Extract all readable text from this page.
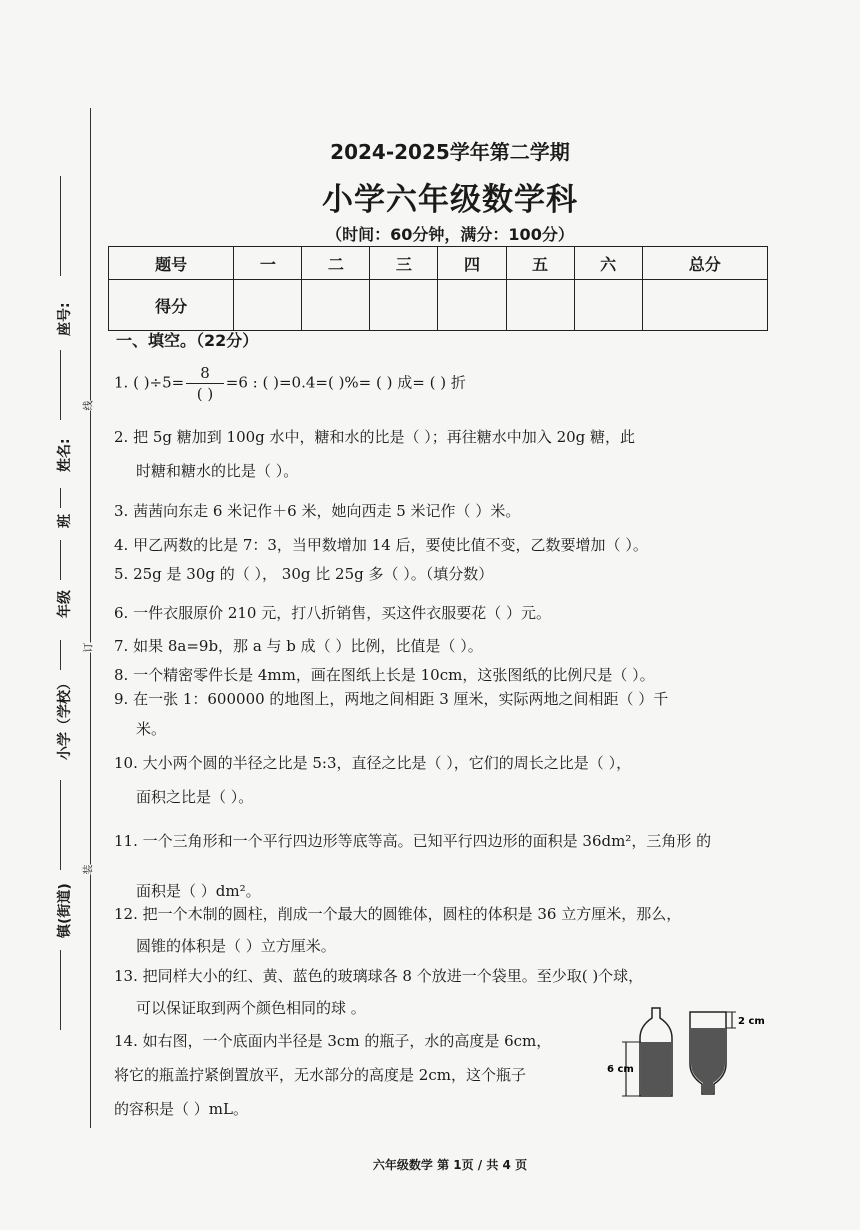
座号:
姓名:
班
年级
小学（学校）
镇(街道)
线
订
装
2024-2025学年第二学期
小学六年级数学科
（时间：60分钟，满分：100分）
题号	一	二	三	四	五	六	总分
得分							
一、填空。（22分）
1. ( )$\div 5= \frac{8}{( )} =6$ : ( )=0.4=( )%= ( ) 成= ( ) 折
2. 把 5g 糖加到 100g 水中，糖和水的比是（ ）；再往糖水中加入 20g 糖，此
时糖和糖水的比是（ ）。
3. 茜茜向东走 6 米记作＋6 米，她向西走 5 米记作（ ）米。
4. 甲乙两数的比是 7：3，当甲数增加 14 后，要使比值不变，乙数要增加（ ）。
5. 25g 是 30g 的（ ）， 30g 比 25g 多（ ）。（填分数）
6. 一件衣服原价 210 元，打八折销售，买这件衣服要花（ ）元。
7. 如果 8a=9b，那 a 与 b 成（ ）比例，比值是（ ）。
8. 一个精密零件长是 4mm，画在图纸上长是 10cm，这张图纸的比例尺是（ ）。
9. 在一张 1：600000 的地图上，两地之间相距 3 厘米，实际两地之间相距（ ）千
米。
10. 大小两个圆的半径之比是 5:3，直径之比是（ ），它们的周长之比是（ ），
面积之比是（ ）。
11. 一个三角形和一个平行四边形等底等高。已知平行四边形的面积是 36dm²，三角形 的
面积是（ ）dm²。
12. 把一个木制的圆柱，削成一个最大的圆锥体，圆柱的体积是 36 立方厘米，那么，
圆锥的体积是（ ）立方厘米。
13. 把同样大小的红、黄、蓝色的玻璃球各 8 个放进一个袋里。至少取( )个球，
可以保证取到两个颜色相同的球 。
14. 如右图，一个底面内半径是 3cm 的瓶子，水的高度是 6cm，
将它的瓶盖拧紧倒置放平，无水部分的高度是 2cm，这个瓶子
的容积是（ ）mL。
6 cm
2 cm
六年级数学 第 1页 / 共 4 页
